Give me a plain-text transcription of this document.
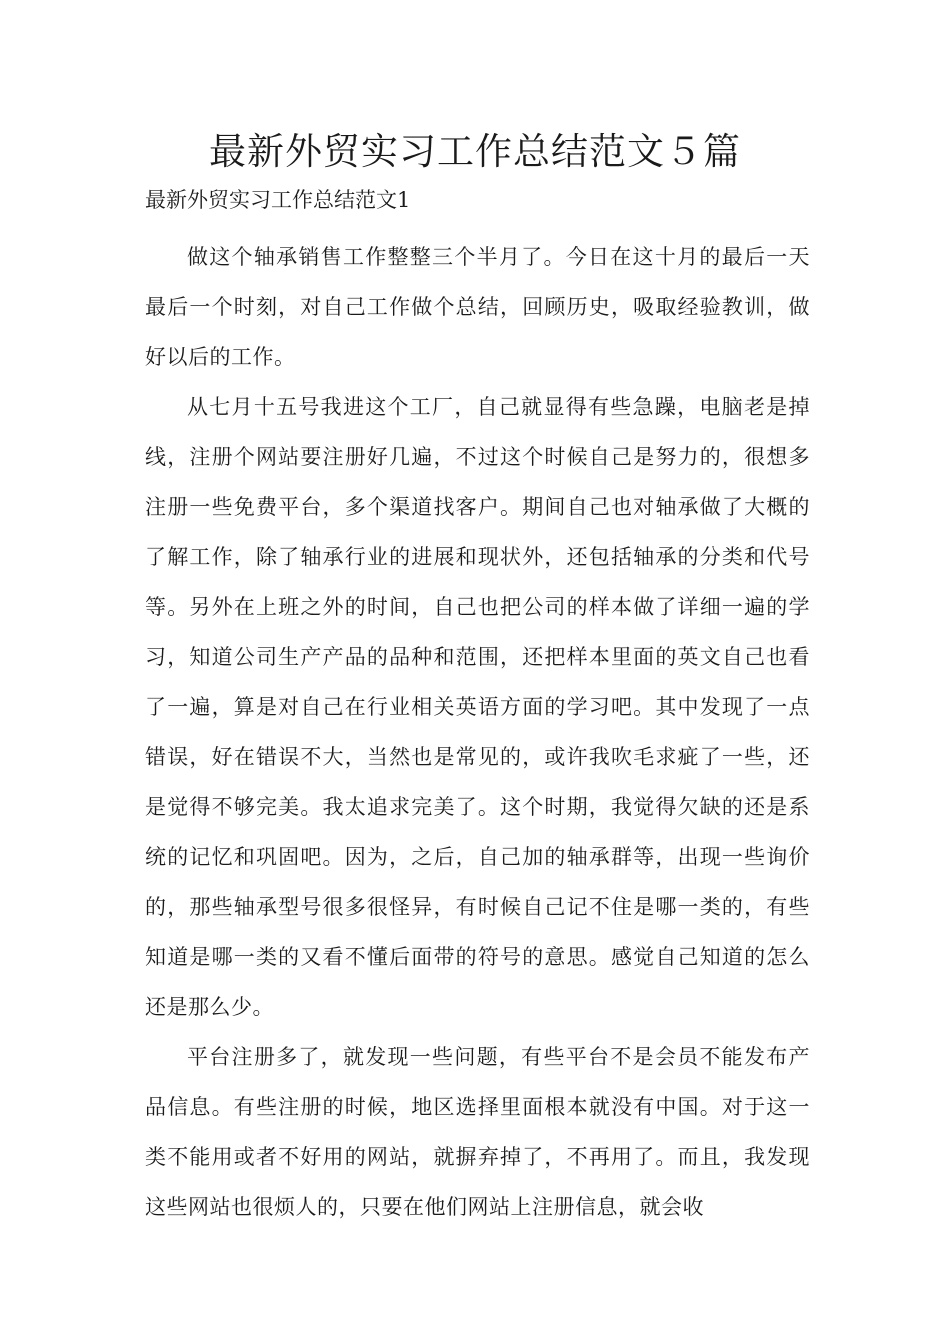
最新外贸实习工作总结范文５篇
最新外贸实习工作总结范文1

做这个轴承销售工作整整三个半月了。今日在这十月的最后一天最后一个时刻，对自己工作做个总结，回顾历史，吸取经验教训，做好以后的工作。

从七月十五号我进这个工厂，自己就显得有些急躁，电脑老是掉线，注册个网站要注册好几遍，不过这个时候自己是努力的，很想多注册一些免费平台，多个渠道找客户。期间自己也对轴承做了大概的了解工作，除了轴承行业的进展和现状外，还包括轴承的分类和代号等。另外在上班之外的时间，自己也把公司的样本做了详细一遍的学习，知道公司生产产品的品种和范围，还把样本里面的英文自己也看了一遍，算是对自己在行业相关英语方面的学习吧。其中发现了一点错误，好在错误不大，当然也是常见的，或许我吹毛求疵了一些，还是觉得不够完美。我太追求完美了。这个时期，我觉得欠缺的还是系统的记忆和巩固吧。因为，之后，自己加的轴承群等，出现一些询价的，那些轴承型号很多很怪异，有时候自己记不住是哪一类的，有些知道是哪一类的又看不懂后面带的符号的意思。感觉自己知道的怎么还是那么少。

平台注册多了，就发现一些问题，有些平台不是会员不能发布产品信息。有些注册的时候，地区选择里面根本就没有中国。对于这一类不能用或者不好用的网站，就摒弃掉了，不再用了。而且，我发现这些网站也很烦人的，只要在他们网站上注册信息，就会收
